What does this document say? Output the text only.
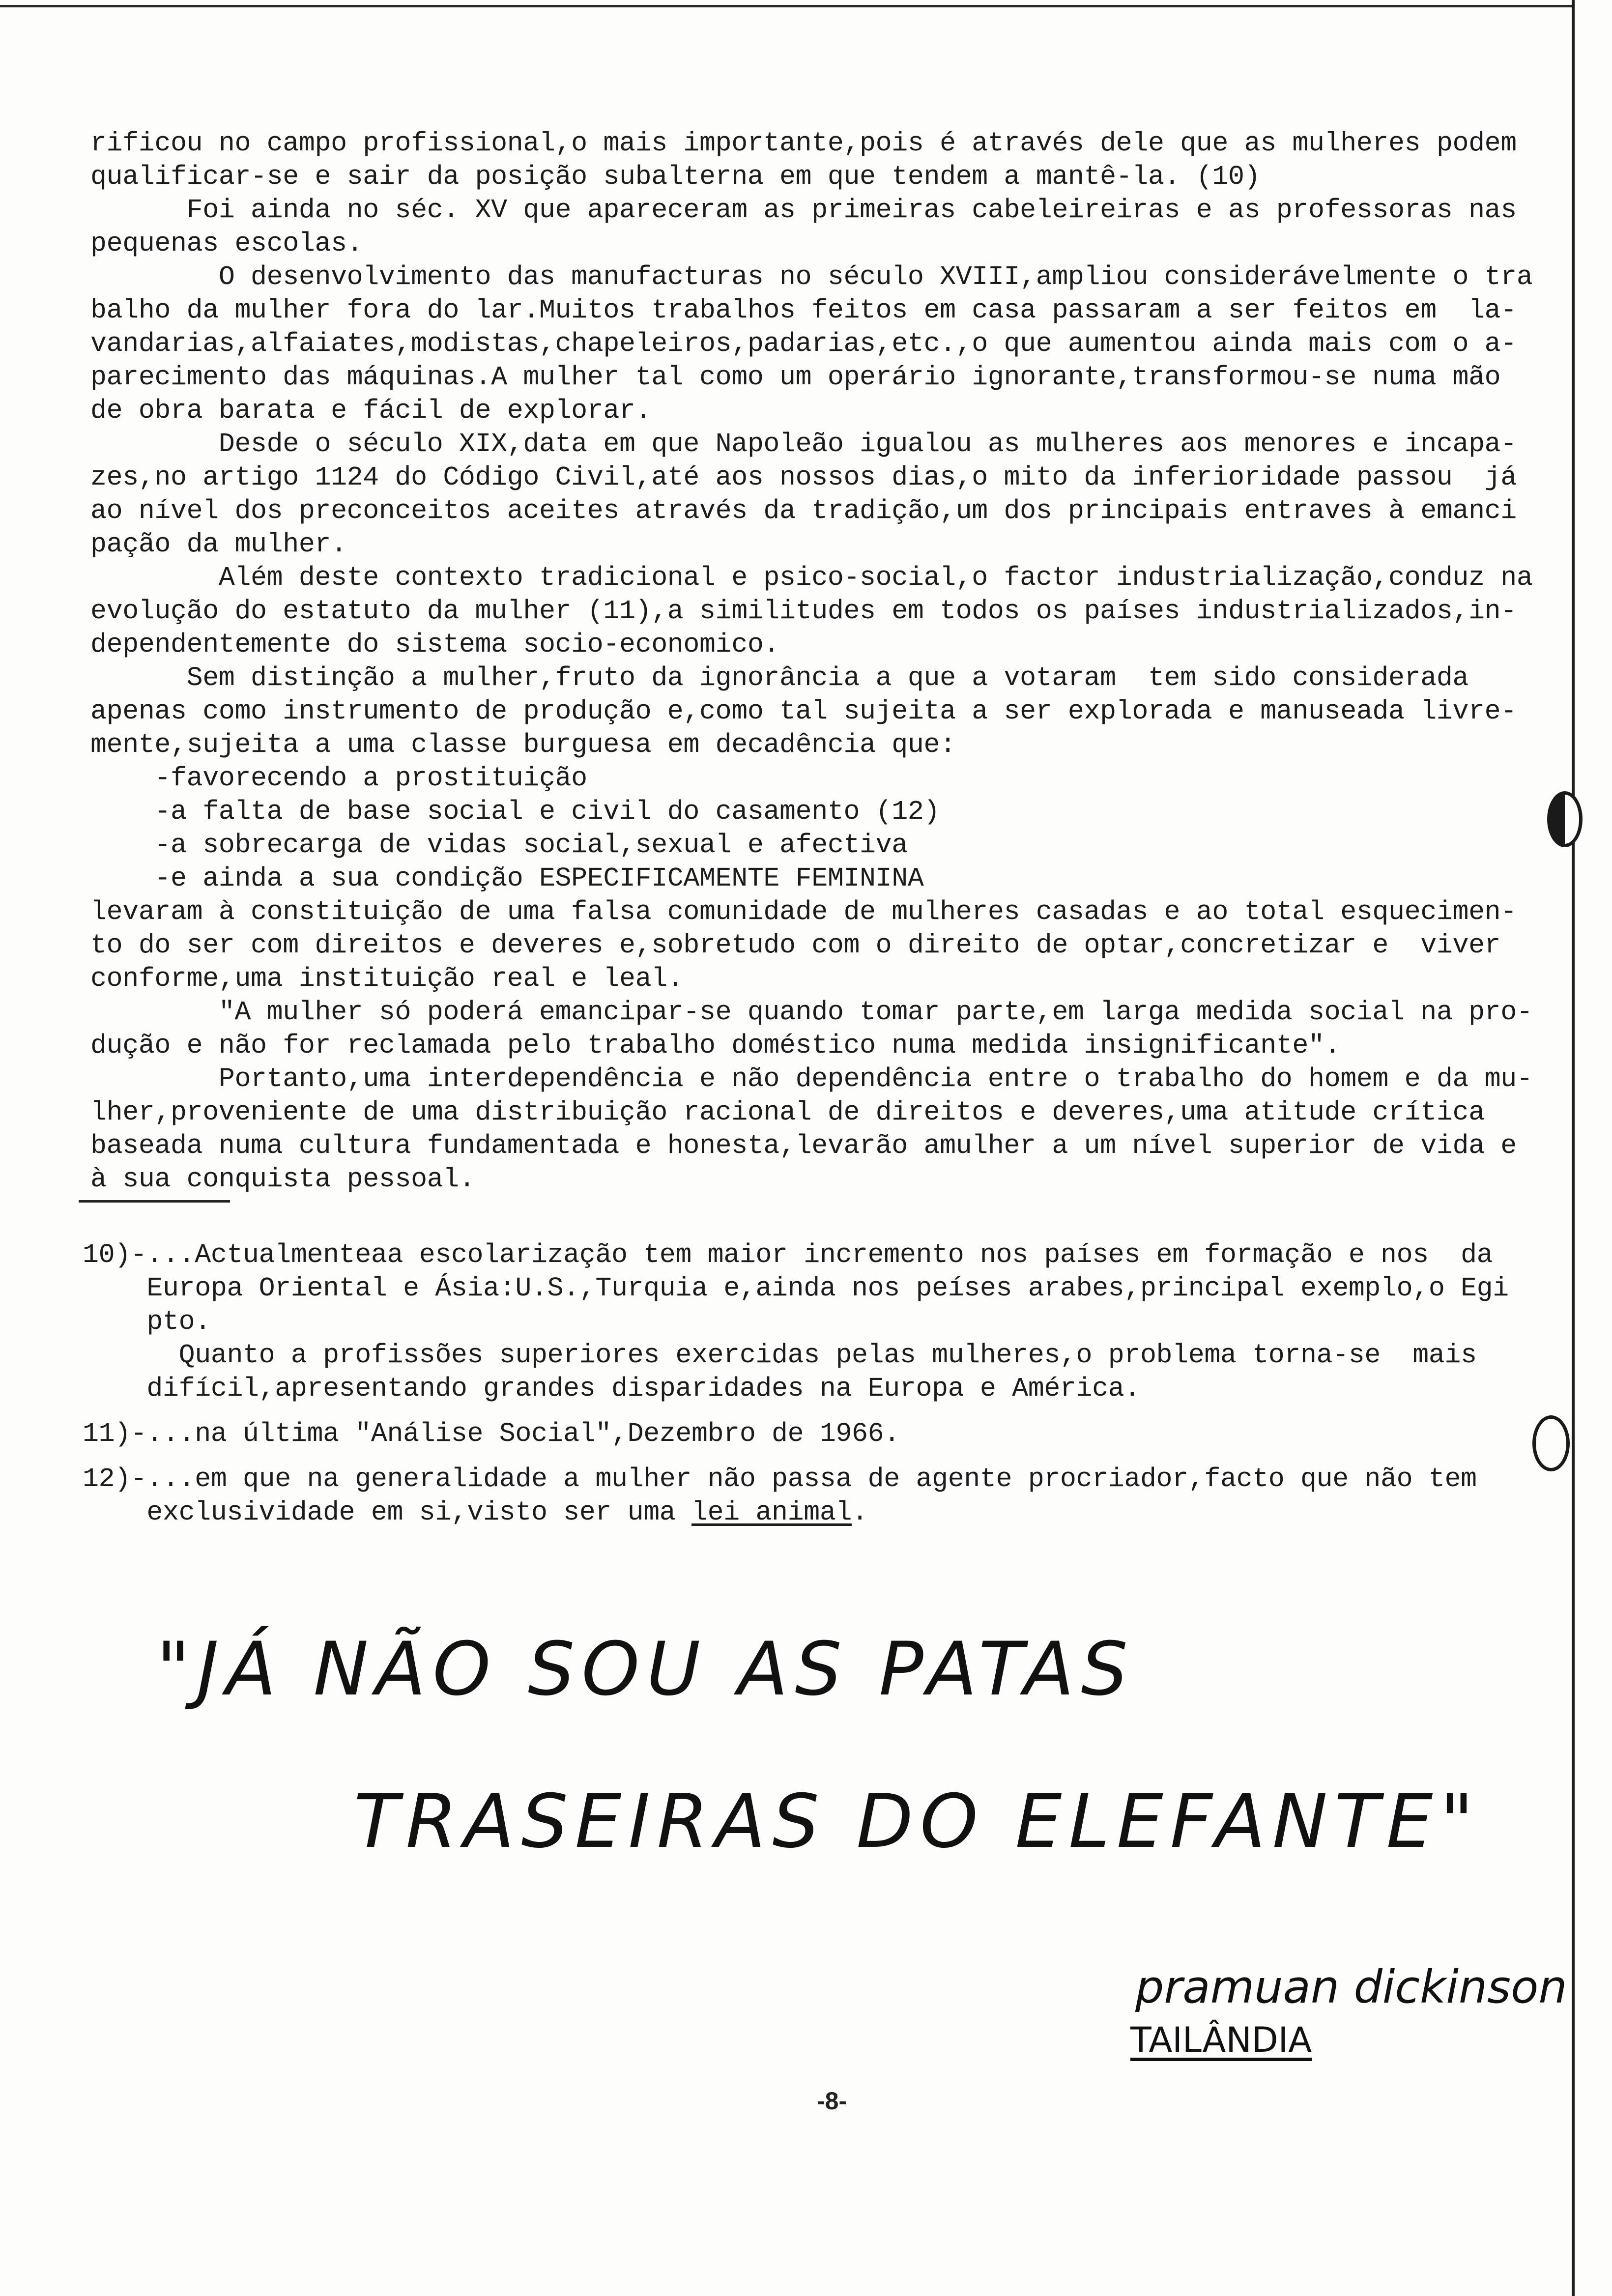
rificou no campo profissional,o mais importante,pois é através dele que as mulheres podem
qualificar-se e sair da posição subalterna em que tendem a mantê-la. (10)
Foi ainda no séc. XV que apareceram as primeiras cabeleireiras e as professoras nas
pequenas escolas.
O desenvolvimento das manufacturas no século XVIII,ampliou considerávelmente o tra
balho da mulher fora do lar.Muitos trabalhos feitos em casa passaram a ser feitos em  la-
vandarias,alfaiates,modistas,chapeleiros,padarias,etc.,o que aumentou ainda mais com o a-
parecimento das máquinas.A mulher tal como um operário ignorante,transformou-se numa mão
de obra barata e fácil de explorar.
Desde o século XIX,data em que Napoleão igualou as mulheres aos menores e incapa-
zes,no artigo 1124 do Código Civil,até aos nossos dias,o mito da inferioridade passou  já
ao nível dos preconceitos aceites através da tradição,um dos principais entraves à emanci
pação da mulher.
Além deste contexto tradicional e psico-social,o factor industrialização,conduz na
evolução do estatuto da mulher (11),a similitudes em todos os países industrializados,in-
dependentemente do sistema socio-economico.
Sem distinção a mulher,fruto da ignorância a que a votaram  tem sido considerada
apenas como instrumento de produção e,como tal sujeita a ser explorada e manuseada livre-
mente,sujeita a uma classe burguesa em decadência que:
-favorecendo a prostituição
-a falta de base social e civil do casamento (12)
-a sobrecarga de vidas social,sexual e afectiva
-e ainda a sua condição ESPECIFICAMENTE FEMININA
levaram à constituição de uma falsa comunidade de mulheres casadas e ao total esquecimen-
to do ser com direitos e deveres e,sobretudo com o direito de optar,concretizar e  viver
conforme,uma instituição real e leal.
"A mulher só poderá emancipar-se quando tomar parte,em larga medida social na pro-
dução e não for reclamada pelo trabalho doméstico numa medida insignificante".
Portanto,uma interdependência e não dependência entre o trabalho do homem e da mu-
lher,proveniente de uma distribuição racional de direitos e deveres,uma atitude crítica
baseada numa cultura fundamentada e honesta,levarão amulher a um nível superior de vida e
à sua conquista pessoal.
10)-...Actualmenteaa escolarização tem maior incremento nos países em formação e nos  da
Europa Oriental e Ásia:U.S.,Turquia e,ainda nos peíses arabes,principal exemplo,o Egi
pto.
Quanto a profissões superiores exercidas pelas mulheres,o problema torna-se  mais
difícil,apresentando grandes disparidades na Europa e América.
11)-...na última "Análise Social",Dezembro de 1966.
12)-...em que na generalidade a mulher não passa de agente procriador,facto que não tem
exclusividade em si,visto ser uma lei animal.
"JÁ NÃO SOU AS PATAS
TRASEIRAS DO ELEFANTE"
pramuan dickinson
TAILÂNDIA
-8-
